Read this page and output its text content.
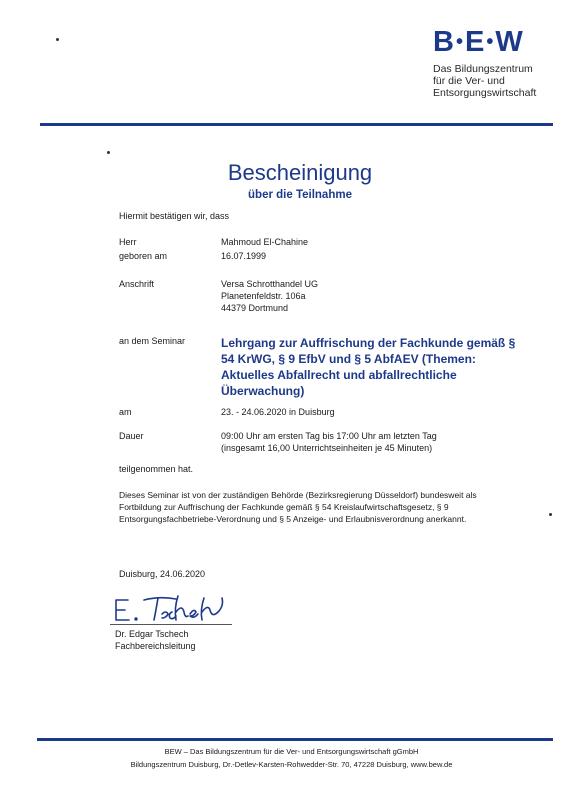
B•E•W
Das Bildungszentrum
für die Ver- und
Entsorgungswirtschaft
Bescheinigung
über die Teilnahme
Hiermit bestätigen wir, dass
Herr	Mahmoud El-Chahine
geboren am	16.07.1999
Anschrift	Versa Schrotthandel UG
Planetenfeldstr. 106a
44379 Dortmund
an dem Seminar	Lehrgang zur Auffrischung der Fachkunde gemäß § 54 KrWG, § 9 EfbV und § 5 AbfAEV (Themen: Aktuelles Abfallrecht und abfallrechtliche Überwachung)
am	23. - 24.06.2020 in Duisburg
Dauer	09:00 Uhr am ersten Tag bis 17:00 Uhr am letzten Tag
(insgesamt 16,00 Unterrichtseinheiten je 45 Minuten)
teilgenommen hat.
Dieses Seminar ist von der zuständigen Behörde (Bezirksregierung Düsseldorf) bundesweit als Fortbildung zur Auffrischung der Fachkunde gemäß § 54 Kreislaufwirtschaftsgesetz, § 9 Entsorgungsfachbetriebe-Verordnung und § 5 Anzeige- und Erlaubnisverordnung anerkannt.
Duisburg, 24.06.2020
Dr. Edgar Tschech
Fachbereichsleitung
BEW – Das Bildungszentrum für die Ver- und Entsorgungswirtschaft gGmbH
Bildungszentrum Duisburg, Dr.-Detlev-Karsten-Rohwedder-Str. 70, 47228 Duisburg, www.bew.de
